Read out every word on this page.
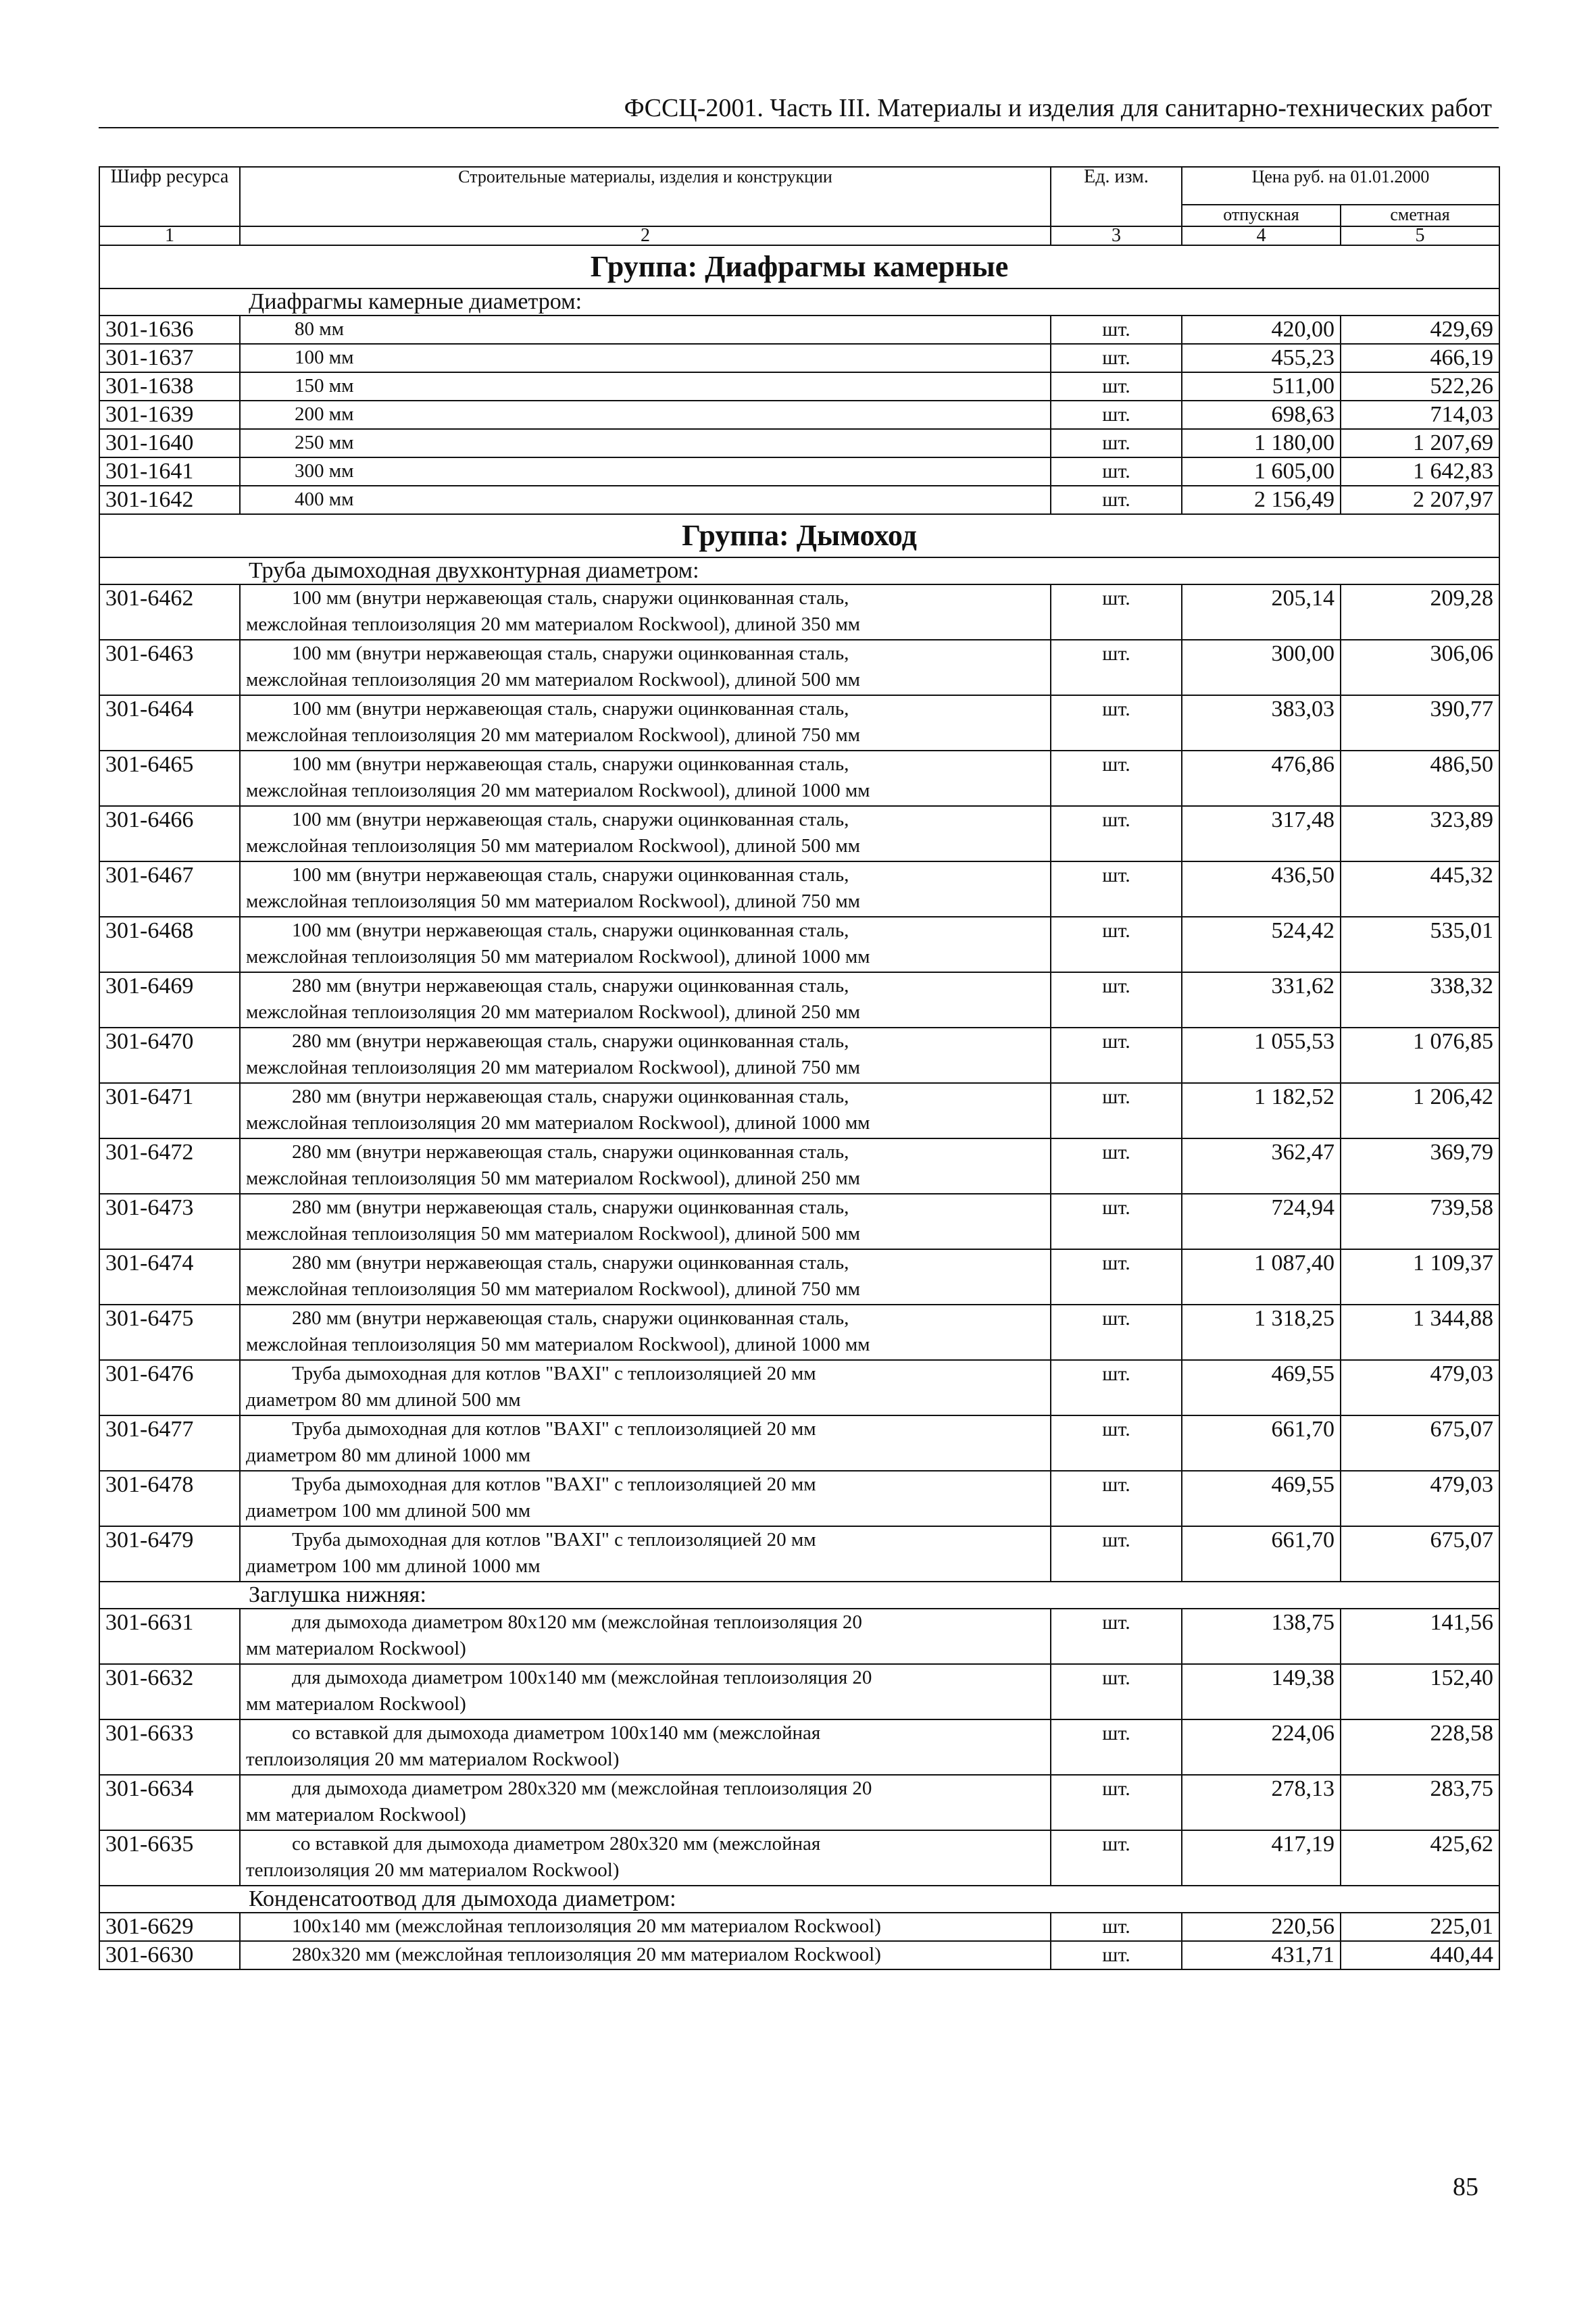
ФССЦ-2001. Часть III. Материалы и изделия для санитарно-технических работ
Шифр ресурса	Строительные материалы, изделия и конструкции	Ед. изм.	Цена руб. на 01.01.2000	
			отпускная	сметная
1	2	3	4	5
Группа: Диафрагмы камерные				
Диафрагмы камерные диаметром:				
301-1636	80 мм	шт.	420,00	429,69
301-1637	100 мм	шт.	455,23	466,19
301-1638	150 мм	шт.	511,00	522,26
301-1639	200 мм	шт.	698,63	714,03
301-1640	250 мм	шт.	1 180,00	1 207,69
301-1641	300 мм	шт.	1 605,00	1 642,83
301-1642	400 мм	шт.	2 156,49	2 207,97
Группа: Дымоход				
Труба дымоходная двухконтурная диаметром:				
301-6462	100 мм (внутри нержавеющая сталь, снаружи оцинкованная сталь,
межслойная теплоизоляция 20 мм материалом Rockwool), длиной 350 мм	шт.	205,14	209,28
301-6463	100 мм (внутри нержавеющая сталь, снаружи оцинкованная сталь,
межслойная теплоизоляция 20 мм материалом Rockwool), длиной 500 мм	шт.	300,00	306,06
301-6464	100 мм (внутри нержавеющая сталь, снаружи оцинкованная сталь,
межслойная теплоизоляция 20 мм материалом Rockwool), длиной 750 мм	шт.	383,03	390,77
301-6465	100 мм (внутри нержавеющая сталь, снаружи оцинкованная сталь,
межслойная теплоизоляция 20 мм материалом Rockwool), длиной 1000 мм	шт.	476,86	486,50
301-6466	100 мм (внутри нержавеющая сталь, снаружи оцинкованная сталь,
межслойная теплоизоляция 50 мм материалом Rockwool), длиной 500 мм	шт.	317,48	323,89
301-6467	100 мм (внутри нержавеющая сталь, снаружи оцинкованная сталь,
межслойная теплоизоляция 50 мм материалом Rockwool), длиной 750 мм	шт.	436,50	445,32
301-6468	100 мм (внутри нержавеющая сталь, снаружи оцинкованная сталь,
межслойная теплоизоляция 50 мм материалом Rockwool), длиной 1000 мм	шт.	524,42	535,01
301-6469	280 мм (внутри нержавеющая сталь, снаружи оцинкованная сталь,
межслойная теплоизоляция 20 мм материалом Rockwool), длиной 250 мм	шт.	331,62	338,32
301-6470	280 мм (внутри нержавеющая сталь, снаружи оцинкованная сталь,
межслойная теплоизоляция 20 мм материалом Rockwool), длиной 750 мм	шт.	1 055,53	1 076,85
301-6471	280 мм (внутри нержавеющая сталь, снаружи оцинкованная сталь,
межслойная теплоизоляция 20 мм материалом Rockwool), длиной 1000 мм	шт.	1 182,52	1 206,42
301-6472	280 мм (внутри нержавеющая сталь, снаружи оцинкованная сталь,
межслойная теплоизоляция 50 мм материалом Rockwool), длиной 250 мм	шт.	362,47	369,79
301-6473	280 мм (внутри нержавеющая сталь, снаружи оцинкованная сталь,
межслойная теплоизоляция 50 мм материалом Rockwool), длиной 500 мм	шт.	724,94	739,58
301-6474	280 мм (внутри нержавеющая сталь, снаружи оцинкованная сталь,
межслойная теплоизоляция 50 мм материалом Rockwool), длиной 750 мм	шт.	1 087,40	1 109,37
301-6475	280 мм (внутри нержавеющая сталь, снаружи оцинкованная сталь,
межслойная теплоизоляция 50 мм материалом Rockwool), длиной 1000 мм	шт.	1 318,25	1 344,88
301-6476	Труба дымоходная для котлов "BAXI" с теплоизоляцией 20 мм
диаметром 80 мм длиной 500 мм	шт.	469,55	479,03
301-6477	Труба дымоходная для котлов "BAXI" с теплоизоляцией 20 мм
диаметром 80 мм длиной 1000 мм	шт.	661,70	675,07
301-6478	Труба дымоходная для котлов "BAXI" с теплоизоляцией 20 мм
диаметром 100 мм длиной 500 мм	шт.	469,55	479,03
301-6479	Труба дымоходная для котлов "BAXI" с теплоизоляцией 20 мм
диаметром 100 мм длиной 1000 мм	шт.	661,70	675,07
Заглушка нижняя:				
301-6631	для дымохода диаметром 80х120 мм (межслойная теплоизоляция 20
мм материалом Rockwool)	шт.	138,75	141,56
301-6632	для дымохода диаметром 100х140 мм (межслойная теплоизоляция 20
мм материалом Rockwool)	шт.	149,38	152,40
301-6633	со вставкой для дымохода диаметром 100х140 мм (межслойная
теплоизоляция 20 мм материалом Rockwool)	шт.	224,06	228,58
301-6634	для дымохода диаметром 280х320 мм (межслойная теплоизоляция 20
мм материалом Rockwool)	шт.	278,13	283,75
301-6635	со вставкой для дымохода диаметром 280х320 мм (межслойная
теплоизоляция 20 мм материалом Rockwool)	шт.	417,19	425,62
Конденсатоотвод для дымохода диаметром:				
301-6629	100х140 мм (межслойная теплоизоляция 20 мм материалом Rockwool)	шт.	220,56	225,01
301-6630	280х320 мм (межслойная теплоизоляция 20 мм материалом Rockwool)	шт.	431,71	440,44
85
